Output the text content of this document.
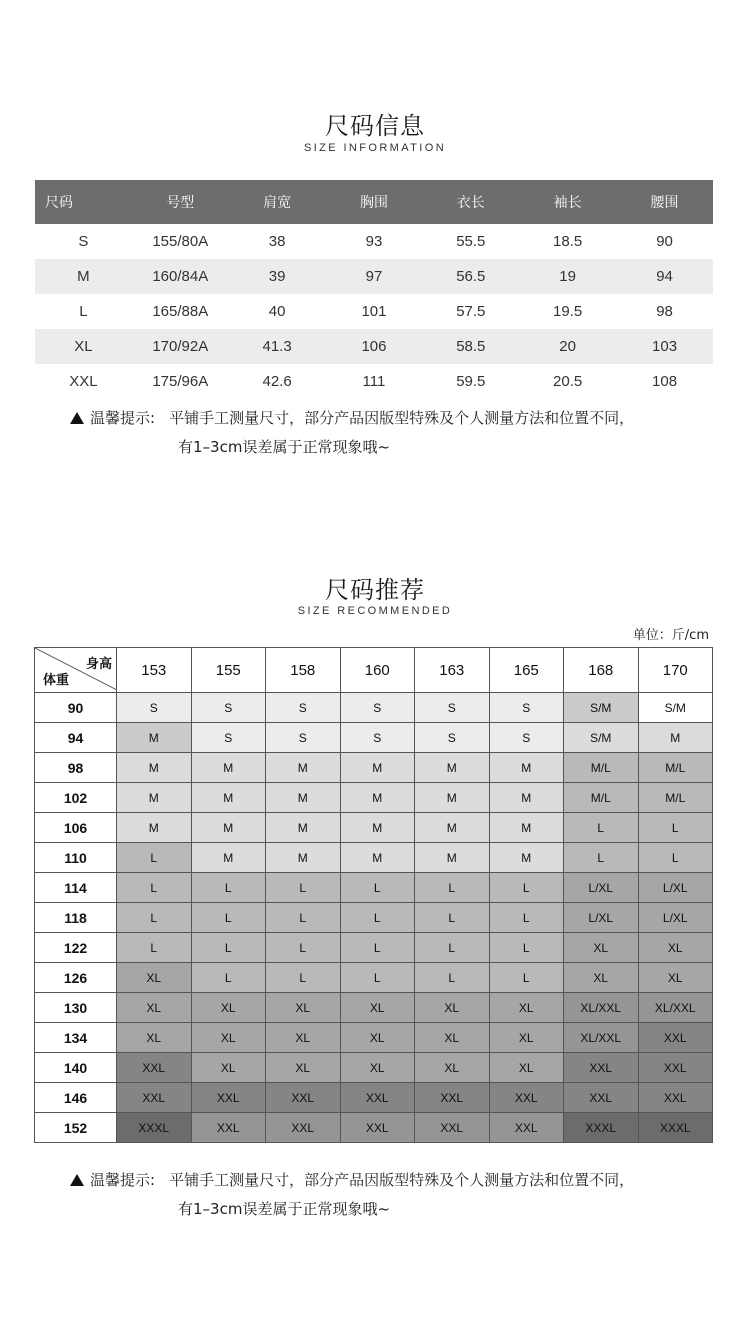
尺码信息
SIZE INFORMATION
尺码	号型	肩宽	胸围	衣长	袖长	腰围
S	155/80A	38	93	55.5	18.5	90
M	160/84A	39	97	56.5	19	94
L	165/88A	40	101	57.5	19.5	98
XL	170/92A	41.3	106	58.5	20	103
XXL	175/96A	42.6	111	59.5	20.5	108
温馨提示: 平铺手工测量尺寸，部分产品因版型特殊及个人测量方法和位置不同，
有1–3cm误差属于正常现象哦~
尺码推荐
SIZE RECOMMENDED
单位：斤/cm
身高
体重	153	155	158	160	163	165	168	170
90	S	S	S	S	S	S	S/M	S/M
94	M	S	S	S	S	S	S/M	M
98	M	M	M	M	M	M	M/L	M/L
102	M	M	M	M	M	M	M/L	M/L
106	M	M	M	M	M	M	L	L
110	L	M	M	M	M	M	L	L
114	L	L	L	L	L	L	L/XL	L/XL
118	L	L	L	L	L	L	L/XL	L/XL
122	L	L	L	L	L	L	XL	XL
126	XL	L	L	L	L	L	XL	XL
130	XL	XL	XL	XL	XL	XL	XL/XXL	XL/XXL
134	XL	XL	XL	XL	XL	XL	XL/XXL	XXL
140	XXL	XL	XL	XL	XL	XL	XXL	XXL
146	XXL	XXL	XXL	XXL	XXL	XXL	XXL	XXL
152	XXXL	XXL	XXL	XXL	XXL	XXL	XXXL	XXXL
温馨提示: 平铺手工测量尺寸，部分产品因版型特殊及个人测量方法和位置不同，
有1–3cm误差属于正常现象哦~
